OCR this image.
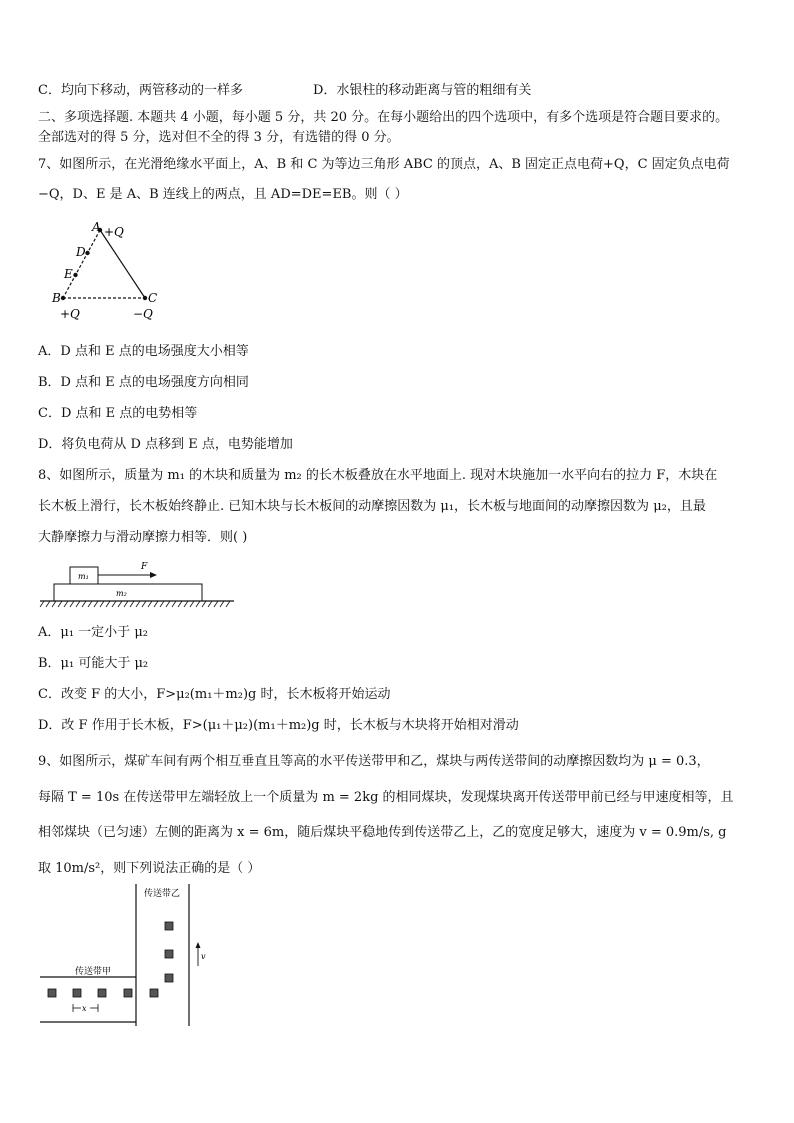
C．均向下移动，两管移动的一样多	D．水银柱的移动距离与管的粗细有关
二、多项选择题. 本题共 4 小题，每小题 5 分，共 20 分。在每小题给出的四个选项中，有多个选项是符合题目要求的。
全部选对的得 5 分，选对但不全的得 3 分，有选错的得 0 分。
7、如图所示，在光滑绝缘水平面上，A、B 和 C 为等边三角形 ABC 的顶点，A、B 固定正点电荷+Q，C 固定负点电荷
−Q，D、E 是 A、B 连线上的两点，且 AD=DE=EB。则（ ）
A +Q
D
E
B	C
+Q	−Q
A．D 点和 E 点的电场强度大小相等
B．D 点和 E 点的电场强度方向相同
C．D 点和 E 点的电势相等
D．将负电荷从 D 点移到 E 点，电势能增加
8、如图所示，质量为 m₁ 的木块和质量为 m₂ 的长木板叠放在水平地面上. 现对木块施加一水平向右的拉力 F，木块在
长木板上滑行，长木板始终静止. 已知木块与长木板间的动摩擦因数为 μ₁，长木板与地面间的动摩擦因数为 μ₂，且最
大静摩擦力与滑动摩擦力相等．则( )
m₁
m₂
F
A．μ₁ 一定小于 μ₂
B．μ₁ 可能大于 μ₂
C．改变 F 的大小，F>μ₂(m₁＋m₂)g 时，长木板将开始运动
D．改 F 作用于长木板，F>(μ₁＋μ₂)(m₁＋m₂)g 时，长木板与木块将开始相对滑动
9、如图所示，煤矿车间有两个相互垂直且等高的水平传送带甲和乙，煤块与两传送带间的动摩擦因数均为 μ = 0.3，
每隔 T = 10s 在传送带甲左端轻放上一个质量为 m = 2kg 的相同煤块，发现煤块离开传送带甲前已经与甲速度相等，且
相邻煤块（已匀速）左侧的距离为 x = 6m，随后煤块平稳地传到传送带乙上，乙的宽度足够大，速度为 v = 0.9m/s, g
取 10m/s²，则下列说法正确的是（ ）
传送带乙
传送带甲
v
x
